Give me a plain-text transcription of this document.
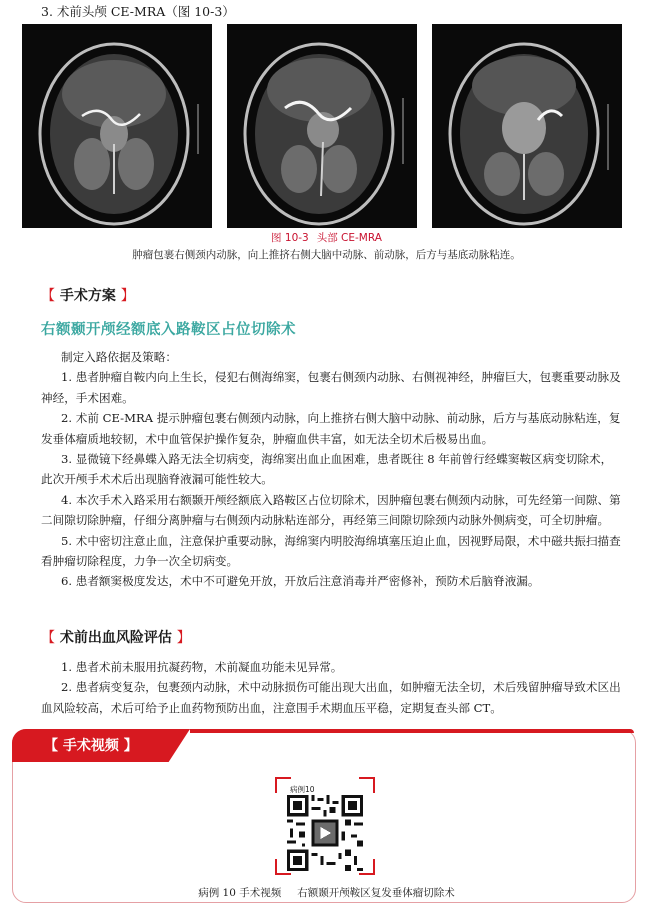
3. 术前头颅 CE-MRA（图 10-3）
图 10-3 头部 CE-MRA
肿瘤包裹右侧颈内动脉，向上推挤右侧大脑中动脉、前动脉，后方与基底动脉粘连。
【 手术方案 】
右额颞开颅经额底入路鞍区占位切除术

制定入路依据及策略：

1. 患者肿瘤自鞍内向上生长，侵犯右侧海绵窦，包裹右侧颈内动脉、右侧视神经，肿瘤巨大，包裹重要动脉及神经，手术困难。

2. 术前 CE-MRA 提示肿瘤包裹右侧颈内动脉，向上推挤右侧大脑中动脉、前动脉，后方与基底动脉粘连，复发垂体瘤质地较韧，术中血管保护操作复杂，肿瘤血供丰富，如无法全切术后极易出血。

3. 显微镜下经鼻蝶入路无法全切病变，海绵窦出血止血困难，患者既往 8 年前曾行经蝶窦鞍区病变切除术，此次开颅手术术后出现脑脊液漏可能性较大。

4. 本次手术入路采用右额颞开颅经额底入路鞍区占位切除术，因肿瘤包裹右侧颈内动脉，可先经第一间隙、第二间隙切除肿瘤，仔细分离肿瘤与右侧颈内动脉粘连部分，再经第三间隙切除颈内动脉外侧病变，可全切肿瘤。

5. 术中密切注意止血，注意保护重要动脉，海绵窦内明胶海绵填塞压迫止血，因视野局限，术中磁共振扫描查看肿瘤切除程度，力争一次全切病变。

6. 患者额窦极度发达，术中不可避免开放，开放后注意消毒并严密修补，预防术后脑脊液漏。

【 术前出血风险评估 】

1. 患者术前未服用抗凝药物，术前凝血功能未见异常。

2. 患者病变复杂，包裹颈内动脉，术中动脉损伤可能出现大出血，如肿瘤无法全切，术后残留肿瘤导致术区出血风险较高，术后可给予止血药物预防出血，注意围手术期血压平稳，定期复查头部 CT。

【 手术视频 】
病例10
病例 10 手术视频 右额颞开颅鞍区复发垂体瘤切除术
